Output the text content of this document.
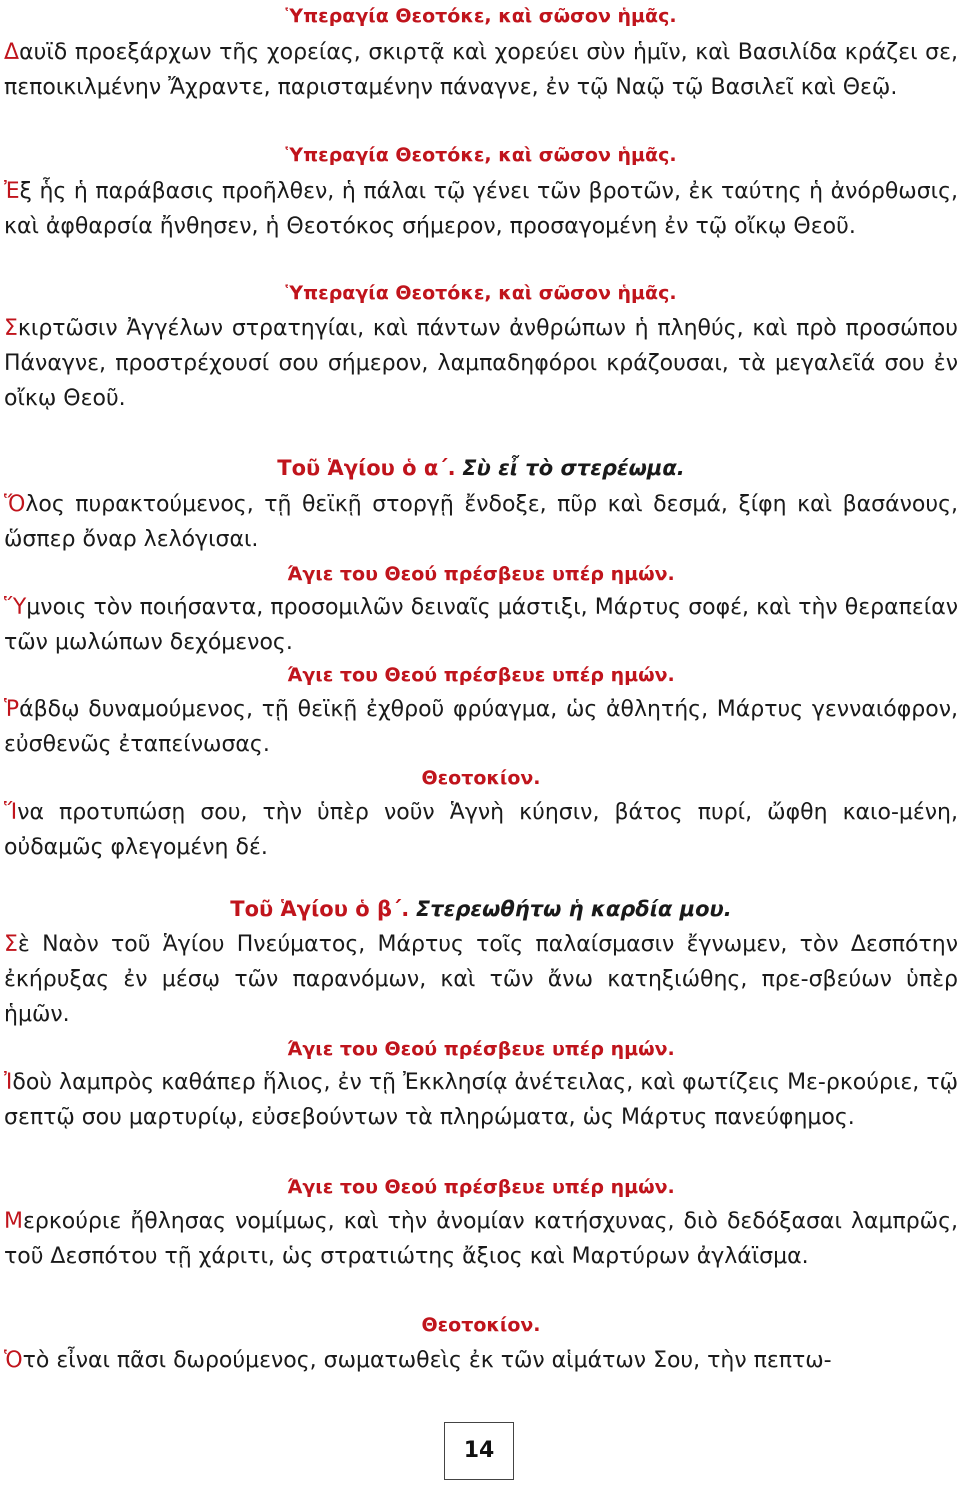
Ὑπεραγία Θεοτόκε, καὶ σῶσον ἡμᾶς.
Δαυϊδ προεξάρχων τῆς χορείας, σκιρτᾷ καὶ χορεύει σὺν ἡμῖν, καὶ Βασιλίδα κράζει σε, πεποικιλμένην Ἄχραντε, παρισταμένην πάναγνε, ἐν τῷ Ναῷ τῷ Βασιλεῖ καὶ Θεῷ.
Ὑπεραγία Θεοτόκε, καὶ σῶσον ἡμᾶς.
Ἐξ ἧς ἡ παράβασις προῆλθεν, ἡ πάλαι τῷ γένει τῶν βροτῶν, ἐκ ταύτης ἡ ἀνόρθωσις, καὶ ἀφθαρσία ἤνθησεν, ἡ Θεοτόκος σήμερον, προσαγομένη ἐν τῷ οἴκῳ Θεοῦ.
Ὑπεραγία Θεοτόκε, καὶ σῶσον ἡμᾶς.
Σκιρτῶσιν Ἀγγέλων στρατηγίαι, καὶ πάντων ἀνθρώπων ἡ πληθύς, καὶ πρὸ προσώπου Πάναγνε, προστρέχουσί σου σήμερον, λαμπαδηφόροι κράζουσαι, τὰ μεγαλεῖά σου ἐν οἴκῳ Θεοῦ.
Τοῦ Ἁγίου ὁ α΄. Σὺ εἶ τὸ στερέωμα.
Ὅλος πυρακτούμενος, τῇ θεϊκῇ στοργῇ ἔνδοξε, πῦρ καὶ δεσμά, ξίφη καὶ βασάνους, ὥσπερ ὄναρ λελόγισαι.
Άγιε του Θεού πρέσβευε υπέρ ημών.
Ὕμνοις τὸν ποιήσαντα, προσομιλῶν δειναῖς μάστιξι, Μάρτυς σοφέ, καὶ τὴν θεραπείαν τῶν μωλώπων δεχόμενος.
Άγιε του Θεού πρέσβευε υπέρ ημών.
Ῥάβδῳ δυναμούμενος, τῇ θεϊκῇ ἐχθροῦ φρύαγμα, ὡς ἀθλητής, Μάρτυς γενναιόφρον, εὐσθενῶς ἐταπείνωσας.
Θεοτοκίον.
Ἵνα προτυπώσῃ σου, τὴν ὑπὲρ νοῦν Ἁγνὴ κύησιν, βάτος πυρί, ὤφθη καιο-μένη, οὐδαμῶς φλεγομένη δέ.
Τοῦ Ἁγίου ὁ β΄. Στερεωθήτω ἡ καρδία μου.
Σὲ Ναὸν τοῦ Ἁγίου Πνεύματος, Μάρτυς τοῖς παλαίσμασιν ἔγνωμεν, τὸν Δεσπότην ἐκήρυξας ἐν μέσῳ τῶν παρανόμων, καὶ τῶν ἄνω κατηξιώθης, πρε-σβεύων ὑπὲρ ἡμῶν.
Άγιε του Θεού πρέσβευε υπέρ ημών.
Ἰδοὺ λαμπρὸς καθάπερ ἥλιος, ἐν τῇ Ἐκκλησίᾳ ἀνέτειλας, καὶ φωτίζεις Με-ρκούριε, τῷ σεπτῷ σου μαρτυρίῳ, εὐσεβούντων τὰ πληρώματα, ὡς Μάρτυς πανεύφημος.
Άγιε του Θεού πρέσβευε υπέρ ημών.
Μερκούριε ἤθλησας νομίμως, καὶ τὴν ἀνομίαν κατήσχυνας, διὸ δεδόξασαι λαμπρῶς, τοῦ Δεσπότου τῇ χάριτι, ὡς στρατιώτης ἄξιος καὶ Μαρτύρων ἀγλάϊσμα.
Θεοτοκίον.
Ὁτὸ εἶναι πᾶσι δωρούμενος, σωματωθεὶς ἐκ τῶν αἱμάτων Σου, τὴν πεπτω-
14
